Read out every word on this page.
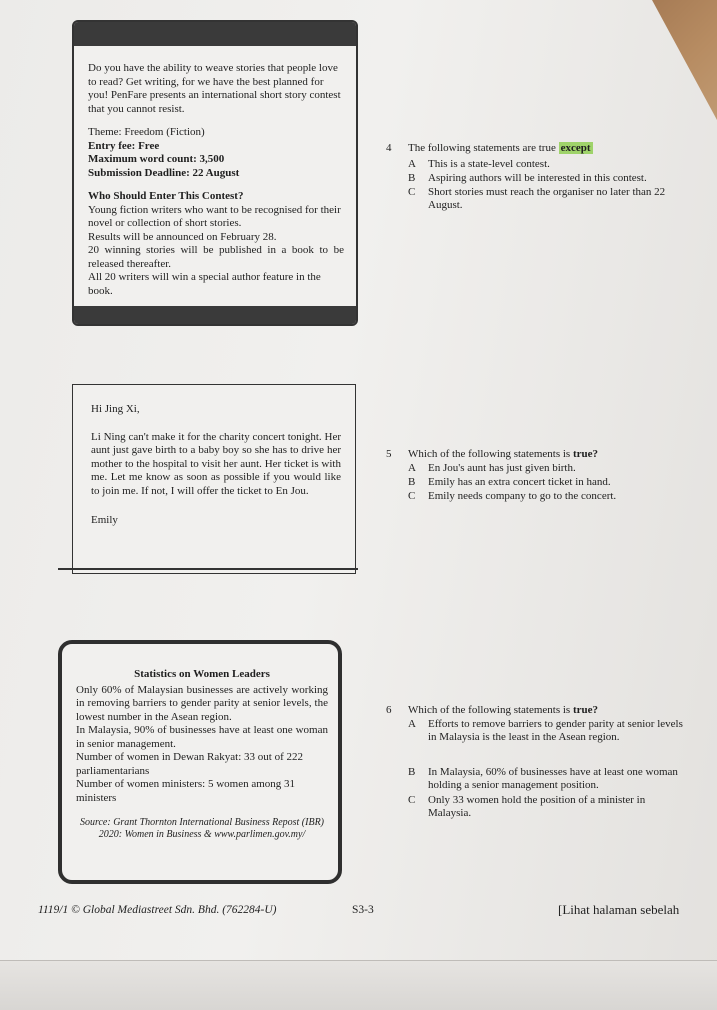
Do you have the ability to weave stories that people love to read? Get writing, for we have the best planned for you! PenFare presents an international short story contest that you cannot resist.

Theme: Freedom (Fiction)

Entry fee: Free

Maximum word count: 3,500

Submission Deadline: 22 August

Who Should Enter This Contest?

Young fiction writers who want to be recognised for their novel or collection of short stories.

Results will be announced on February 28.

20 winning stories will be published in a book to be released thereafter.

All 20 writers will win a special author feature in the book.

4 The following statements are true except
A This is a state-level contest.
B Aspiring authors will be interested in this contest.
C Short stories must reach the organiser no later than 22 August.

Hi Jing Xi,

Li Ning can't make it for the charity concert tonight. Her aunt just gave birth to a baby boy so she has to drive her mother to the hospital to visit her aunt. Her ticket is with me. Let me know as soon as possible if you would like to join me. If not, I will offer the ticket to En Jou.

Emily

5 Which of the following statements is true?
A En Jou's aunt has just given birth.
B Emily has an extra concert ticket in hand.
C Emily needs company to go to the concert.

Statistics on Women Leaders

Only 60% of Malaysian businesses are actively working in removing barriers to gender parity at senior levels, the lowest number in the Asean region.

In Malaysia, 90% of businesses have at least one woman in senior management.

Number of women in Dewan Rakyat: 33 out of 222 parliamentarians

Number of women ministers: 5 women among 31 ministers

Source: Grant Thornton International Business Repost (IBR) 2020: Women in Business & www.parlimen.gov.my/

6 Which of the following statements is true?
A Efforts to remove barriers to gender parity at senior levels in Malaysia is the least in the Asean region.
B In Malaysia, 60% of businesses have at least one woman holding a senior management position.
C Only 33 women hold the position of a minister in Malaysia.
1119/1 © Global Mediastreet Sdn. Bhd. (762284-U)	S3-3	[Lihat halaman sebelah
